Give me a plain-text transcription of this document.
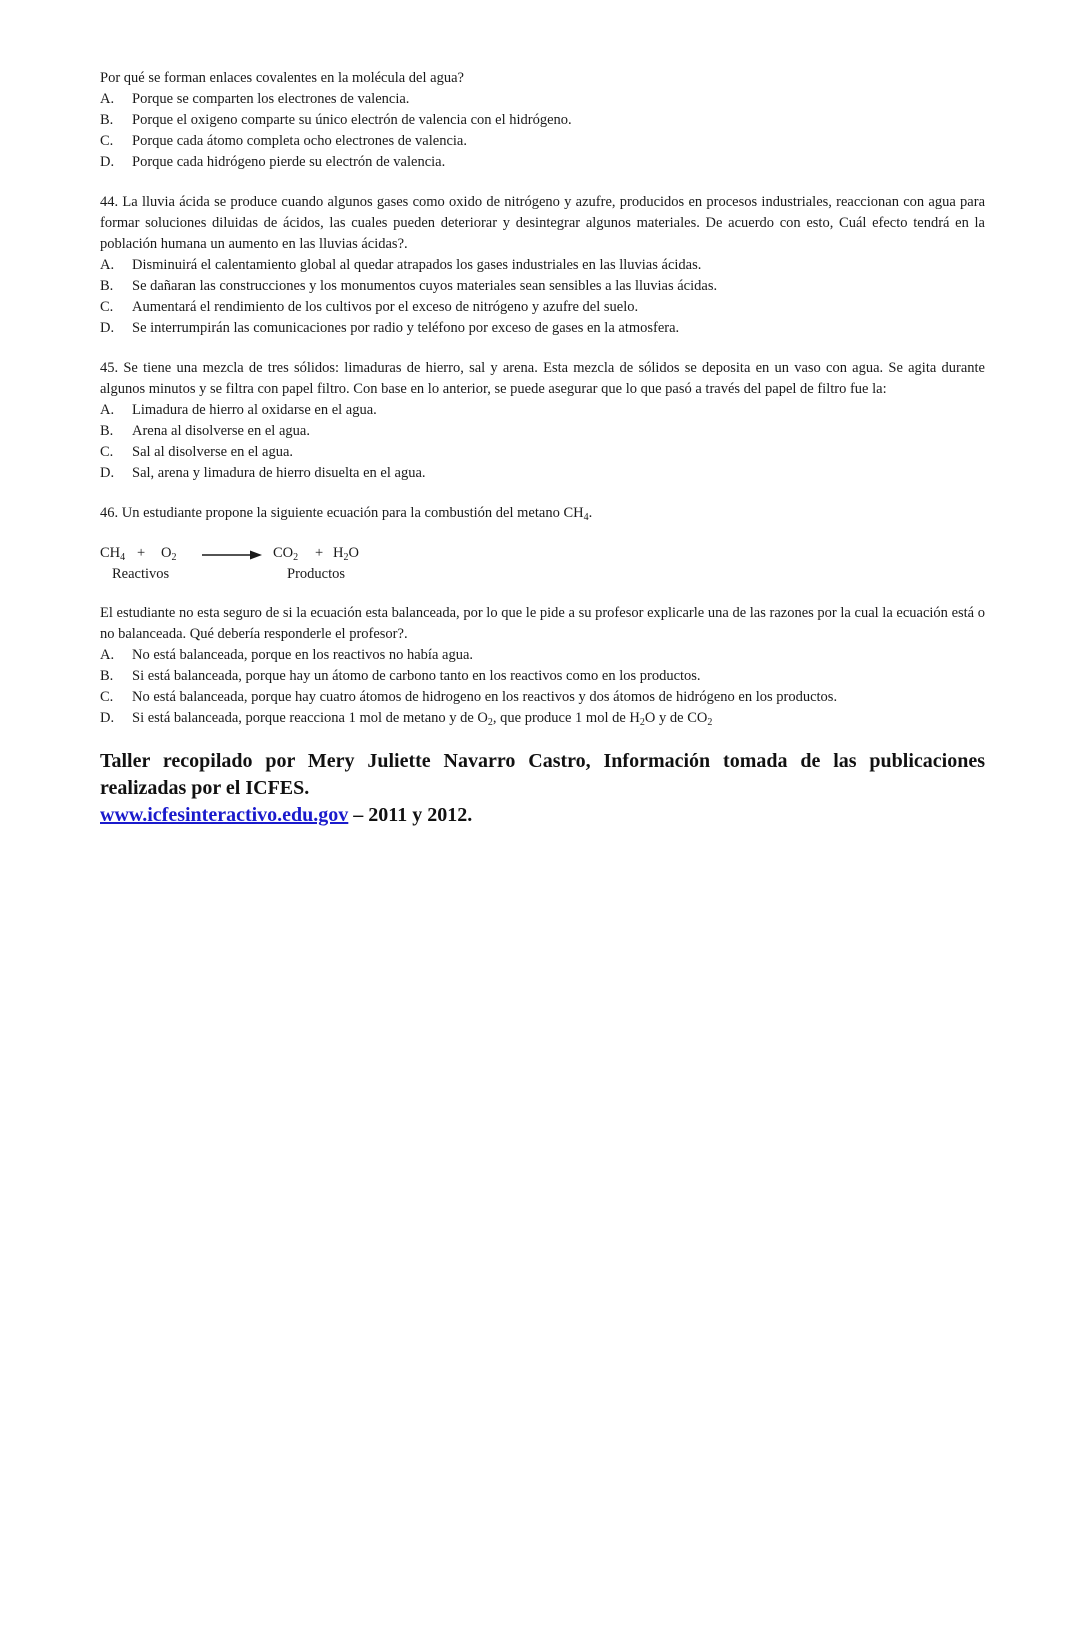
Por qué se forman enlaces covalentes en la molécula del agua?

A.	Porque se comparten los electrones de valencia.
B.	Porque el oxigeno comparte su único electrón de valencia con el hidrógeno.
C.	Porque cada átomo completa ocho electrones de valencia.
D.	Porque cada hidrógeno pierde su electrón de valencia.

44. La lluvia ácida se produce cuando algunos gases como oxido de nitrógeno y azufre, producidos en procesos industriales, reaccionan con agua para formar soluciones diluidas de ácidos, las cuales pueden deteriorar y desintegrar algunos materiales. De acuerdo con esto, Cuál efecto tendrá en la población humana un aumento en las lluvias ácidas?.

A.	Disminuirá el calentamiento global al quedar atrapados los gases industriales en las lluvias ácidas.
B.	Se dañaran las construcciones y los monumentos cuyos materiales sean sensibles a las lluvias ácidas.
C.	Aumentará el rendimiento de los cultivos por el exceso de nitrógeno y azufre del suelo.
D.	Se interrumpirán las comunicaciones por radio y teléfono por exceso de gases en la atmosfera.

45. Se tiene una mezcla de tres sólidos: limaduras de hierro, sal y arena. Esta mezcla de sólidos se deposita en un vaso con agua. Se agita durante algunos minutos y se filtra con papel filtro. Con base en lo anterior, se puede asegurar que lo que pasó a través del papel de filtro fue la:

A.	Limadura de hierro al oxidarse en el agua.
B.	Arena al disolverse en el agua.
C.	Sal al disolverse en el agua.
D.	Sal, arena y limadura de hierro disuelta en el agua.

46. Un estudiante propone la siguiente ecuación para la combustión del metano $CH_4$.

$CH_4 + O_2$	$CO_2 + H_2O$
Reactivos	Productos

El estudiante no esta seguro de si la ecuación esta balanceada, por lo que le pide a su profesor explicarle una de las razones por la cual la ecuación está o no balanceada. Qué debería responderle el profesor?.

A.	No está balanceada, porque en los reactivos no había agua.
B.	Si está balanceada, porque hay un átomo de carbono tanto en los reactivos como en los productos.
C.	No está balanceada, porque hay cuatro átomos de hidrogeno en los reactivos y dos átomos de hidrógeno en los productos.
D.	Si está balanceada, porque reacciona 1 mol de metano y de $O_2$, que produce 1 mol de $H_2O$ y de $CO_2$
Taller recopilado por Mery Juliette Navarro Castro, Información tomada de las publicaciones realizadas por el ICFES.
www.icfesinteractivo.edu.gov – 2011 y 2012.
